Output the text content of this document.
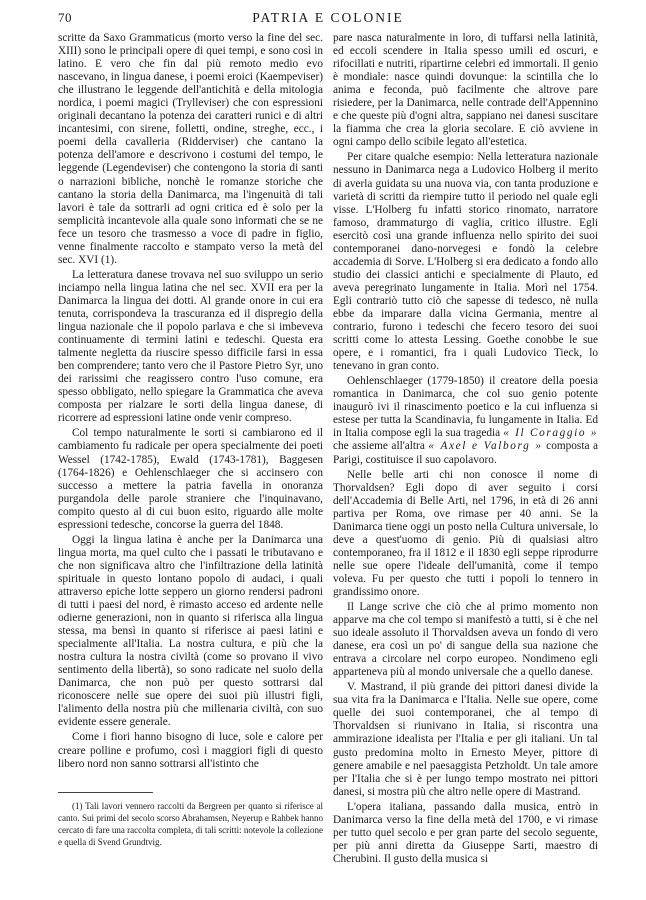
70	PATRIA E COLONIE

scritte da Saxo Grammaticus (morto verso la fine del sec. XIII) sono le principali opere di quei tempi, e sono così in latino. E vero che fin dal più remoto medio evo nascevano, in lingua danese, i poemi eroici (Kaempeviser) che illustrano le leggende dell'antichità e della mitologia nordica, i poemi magici (Trylleviser) che con espressioni originali decantano la potenza dei caratteri runici e di altri incantesimi, con sirene, folletti, ondine, streghe, ecc., i poemi della cavalleria (Ridderviser) che cantano la potenza dell'amore e descrivono i costumi del tempo, le leggende (Legendeviser) che contengono la storia di santi o narrazioni bibliche, nonchè le romanze storiche che cantano la storia della Danimarca, ma l'ingenuità di tali lavori è tale da sottrarli ad ogni critica ed è solo per la semplicità incantevole alla quale sono informati che se ne fece un tesoro che trasmesso a voce di padre in figlio, venne finalmente raccolto e stampato verso la metà del sec. XVI (1).

La letteratura danese trovava nel suo sviluppo un serio inciampo nella lingua latina che nel sec. XVII era per la Danimarca la lingua dei dotti. Al grande onore in cui era tenuta, corrispondeva la trascuranza ed il dispregio della lingua nazionale che il popolo parlava e che si imbeveva continuamente di termini latini e tedeschi. Questa era talmente negletta da riuscire spesso difficile farsi in essa ben comprendere; tanto vero che il Pastore Pietro Syr, uno dei rarissimi che reagissero contro l'uso comune, era spesso obbligato, nello spiegare la Grammatica che aveva composta per rialzare le sorti della lingua danese, di ricorrere ad espressioni latine onde venir compreso.

Col tempo naturalmente le sorti si cambiarono ed il cambiamento fu radicale per opera specialmente dei poeti Wessel (1742-1785), Ewald (1743-1781), Baggesen (1764-1826) e Oehlenschlaeger che si accinsero con successo a mettere la patria favella in onoranza purgandola delle parole straniere che l'inquinavano, compito questo al di cui buon esito, riguardo alle molte espressioni tedesche, concorse la guerra del 1848.

Oggi la lingua latina è anche per la Danimarca una lingua morta, ma quel culto che i passati le tributavano e che non significava altro che l'infiltrazione della latinità spirituale in questo lontano popolo di audaci, i quali attraverso epiche lotte seppero un giorno rendersi padroni di tutti i paesi del nord, è rimasto acceso ed ardente nelle odierne generazioni, non in quanto si riferisca alla lingua stessa, ma bensì in quanto si riferisce ai paesi latini e specialmente all'Italia. La nostra cultura, e più che la nostra cultura la nostra civiltà (come so provano il vivo sentimento della libertà), so sono radicate nel suolo della Danimarca, che non può per questo sottrarsi dal riconoscere nelle sue opere dei suoi più illustri figli, l'alimento della nostra più che millenaria civiltà, con suo evidente essere generale.

Come i fiori hanno bisogno di luce, sole e calore per creare polline e profumo, così i maggiori figli di questo libero nord non sanno sottrarsi all'istinto che

pare nasca naturalmente in loro, di tuffarsi nella latinità, ed eccoli scendere in Italia spesso umili ed oscuri, e rifocillati e nutriti, ripartirne celebri ed immortali. Il genio è mondiale: nasce quindi dovunque: la scintilla che lo anima e feconda, può facilmente che altrove pare risiedere, per la Danimarca, nelle contrade dell'Appennino e che queste più d'ogni altra, sappiano nei danesi suscitare la fiamma che crea la gloria secolare. E ciò avviene in ogni campo dello scibile legato all'estetica.

Per citare qualche esempio: Nella letteratura nazionale nessuno in Danimarca nega a Ludovico Holberg il merito di averla guidata su una nuova via, con tanta produzione e varietà di scritti da riempire tutto il periodo nel quale egli visse. L'Holberg fu infatti storico rinomato, narratore famoso, drammaturgo di vaglia, critico illustre. Egli esercitò così una grande influenza nello spirito dei suoi contemporanei dano-norvegesi e fondò la celebre accademia di Sorve. L'Holberg si era dedicato a fondo allo studio dei classici antichi e specialmente di Plauto, ed aveva peregrinato lungamente in Italia. Morì nel 1754. Egli contrariò tutto ciò che sapesse di tedesco, nè nulla ebbe da imparare dalla vicina Germania, mentre al contrario, furono i tedeschi che fecero tesoro dei suoi scritti come lo attesta Lessing. Goethe conobbe le sue opere, e i romantici, fra i quali Ludovico Tieck, lo tenevano in gran conto.

Oehlenschlaeger (1779-1850) il creatore della poesia romantica in Danimarca, che col suo genio potente inaugurò ivi il rinascimento poetico e la cui influenza si estese per tutta la Scandinavia, fu lungamente in Italia. Ed in Italia compose egli la sua tragedia « Il Coraggio » che assieme all'altra « Axel e Valborg » composta a Parigi, costituisce il suo capolavoro.

Nelle belle arti chi non conosce il nome di Thorvaldsen? Egli dopo di aver seguito i corsi dell'Accademia di Belle Arti, nel 1796, in età di 26 anni partiva per Roma, ove rimase per 40 anni. Se la Danimarca tiene oggi un posto nella Cultura universale, lo deve a quest'uomo di genio. Più di qualsiasi altro contemporaneo, fra il 1812 e il 1830 egli seppe riprodurre nelle sue opere l'ideale dell'umanità, come il tempo voleva. Fu per questo che tutti i popoli lo tennero in grandissimo onore.

Il Lange scrive che ciò che al primo momento non apparve ma che col tempo si manifestò a tutti, si è che nel suo ideale assoluto il Thorvaldsen aveva un fondo di vero danese, era così un po' di sangue della sua nazione che entrava a circolare nel corpo europeo. Nondimeno egli apparteneva più al mondo universale che a quello danese.

V. Mastrand, il più grande dei pittori danesi divide la sua vita fra la Danimarca e l'Italia. Nelle sue opere, come quelle dei suoi contemporanei, che al tempo di Thorvaldsen si riunivano in Italia, si riscontra una ammirazione idealista per l'Italia e per gli italiani. Un tal gusto predomina molto in Ernesto Meyer, pittore di genere amabile e nel paesaggista Petzholdt. Un tale amore per l'Italia che si è per lungo tempo mostrato nei pittori danesi, si mostra più che altro nelle opere di Mastrand.

L'opera italiana, passando dalla musica, entrò in Danimarca verso la fine della metà del 1700, e vi rimase per tutto quel secolo e per gran parte del secolo seguente, per più anni diretta da Giuseppe Sarti, maestro di Cherubini. Il gusto della musica si

(1) Tali lavori vennero raccolti da Bergreen per quanto si riferisce al canto. Sui primi del secolo scorso Abrahamsen, Neyerup e Rahbek hanno cercato di fare una raccolta completa, di tali scritti: notevole la collezione e quella di Svend Grundtvig.
